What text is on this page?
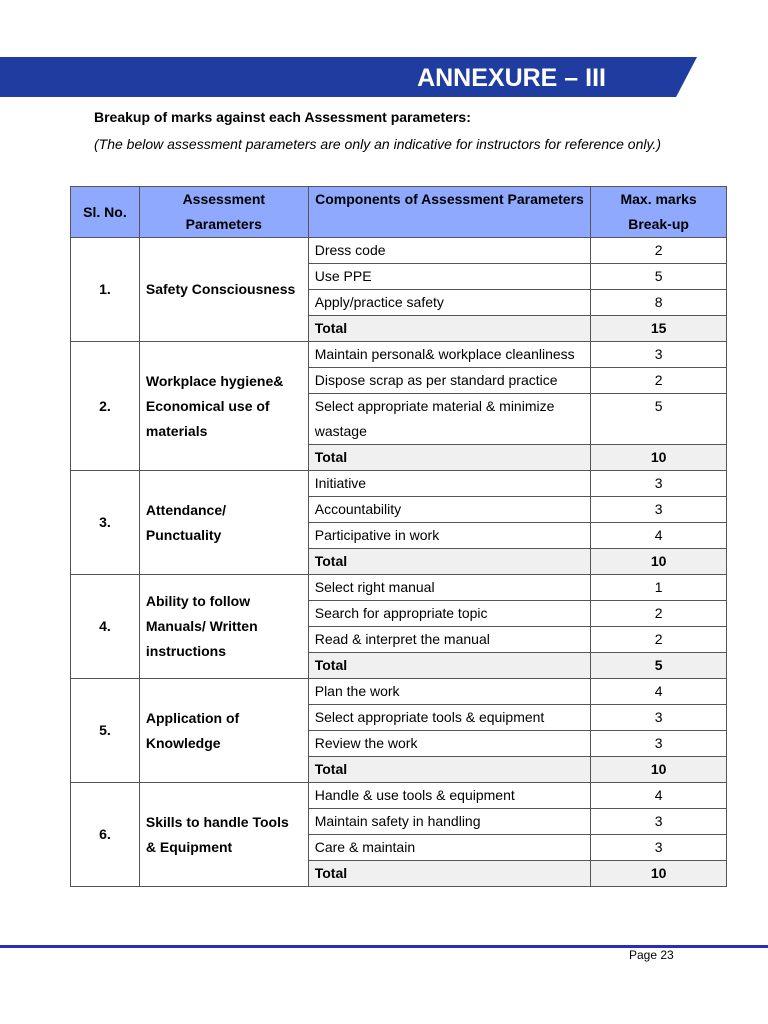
ANNEXURE – III
Breakup of marks against each Assessment parameters:
(The below assessment parameters are only an indicative for instructors for reference only.)
Sl. No.	Assessment Parameters	Components of Assessment Parameters	Max. marks Break-up
1.	Safety Consciousness	Dress code	2
		Use PPE	5
		Apply/practice safety	8
		Total	15
2.	Workplace hygiene& Economical use of materials	Maintain personal& workplace cleanliness	3
		Dispose scrap as per standard practice	2
		Select appropriate material & minimize wastage	5
		Total	10
3.	Attendance/ Punctuality	Initiative	3
		Accountability	3
		Participative in work	4
		Total	10
4.	Ability to follow Manuals/ Written instructions	Select right manual	1
		Search for appropriate topic	2
		Read & interpret the manual	2
		Total	5
5.	Application of Knowledge	Plan the work	4
		Select appropriate tools & equipment	3
		Review the work	3
		Total	10
6.	Skills to handle Tools & Equipment	Handle & use tools & equipment	4
		Maintain safety in handling	3
		Care & maintain	3
		Total	10
Page 23
